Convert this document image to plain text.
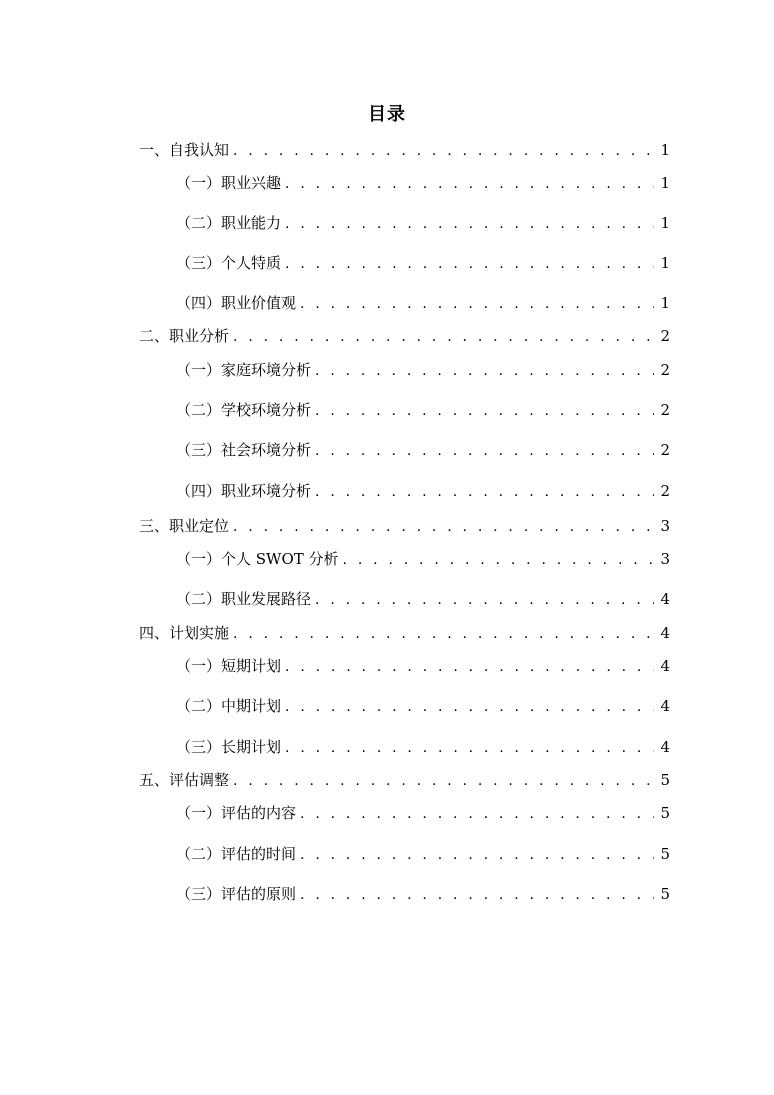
目录
一、自我认知 . . .	1
（一）职业兴趣 . . .	1
（二）职业能力 . . .	1
（三）个人特质 . . .	1
（四）职业价值观 . . .	1
二、职业分析 . . .	2
（一）家庭环境分析 . . .	2
（二）学校环境分析 . . .	2
（三）社会环境分析 . . .	2
（四）职业环境分析 . . .	2
三、职业定位 . . .	3
（一）个人 SWOT 分析 . . .	3
（二）职业发展路径 . . .	4
四、计划实施 . . .	4
（一）短期计划 . . .	4
（二）中期计划 . . .	4
（三）长期计划 . . .	4
五、评估调整 . . .	5
（一）评估的内容 . . .	5
（二）评估的时间 . . .	5
（三）评估的原则 . . .	5
